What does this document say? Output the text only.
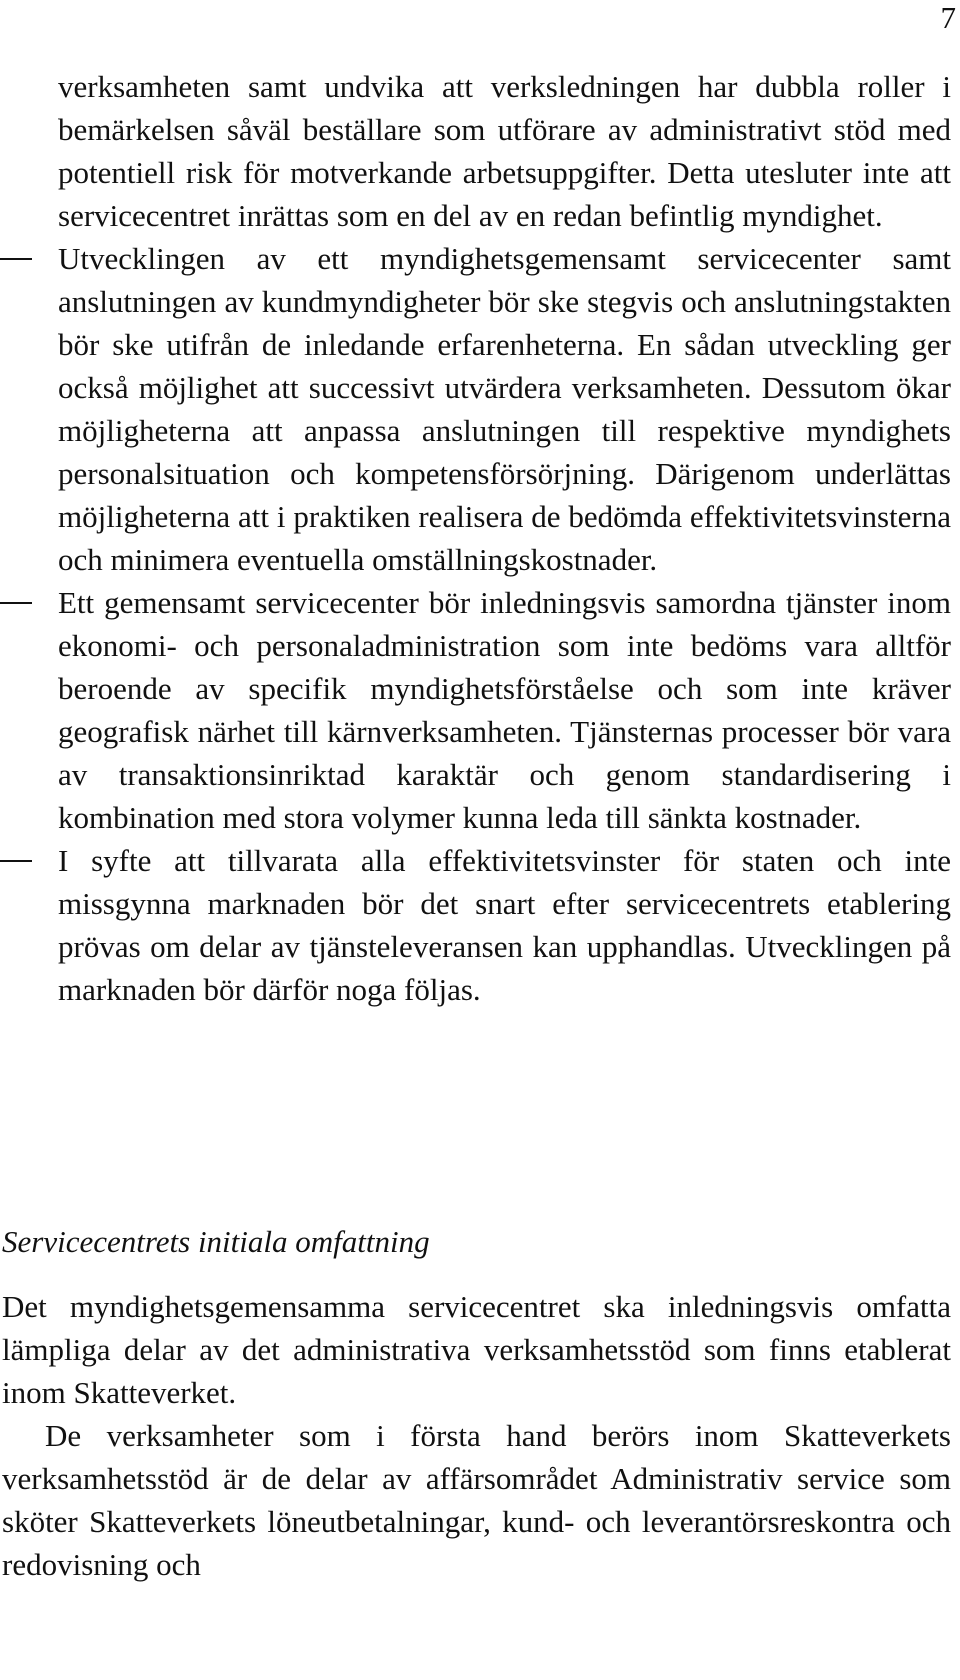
7
verksamheten samt undvika att verksledningen har dubbla roller i bemärkelsen såväl beställare som utförare av administrativt stöd med potentiell risk för motverkande arbetsuppgifter. Detta utesluter inte att servicecentret inrättas som en del av en redan befintlig myndighet.
Utvecklingen av ett myndighetsgemensamt servicecenter samt anslutningen av kundmyndigheter bör ske stegvis och anslutningstakten bör ske utifrån de inledande erfarenheterna. En sådan utveckling ger också möjlighet att successivt utvärdera verksamheten. Dessutom ökar möjligheterna att anpassa anslutningen till respektive myndighets personalsituation och kompetensförsörjning. Därigenom underlättas möjligheterna att i praktiken realisera de bedömda effektivitetsvinsterna och minimera eventuella omställningskostnader.
Ett gemensamt servicecenter bör inledningsvis samordna tjänster inom ekonomi- och personaladministration som inte bedöms vara alltför beroende av specifik myndighetsförståelse och som inte kräver geografisk närhet till kärnverksamheten. Tjänsternas processer bör vara av transaktionsinriktad karaktär och genom standardisering i kombination med stora volymer kunna leda till sänkta kostnader.
I syfte att tillvarata alla effektivitetsvinster för staten och inte missgynna marknaden bör det snart efter servicecentrets etablering prövas om delar av tjänsteleveransen kan upphandlas. Utvecklingen på marknaden bör därför noga följas.
Servicecentrets initiala omfattning

Det myndighetsgemensamma servicecentret ska inledningsvis omfatta lämpliga delar av det administrativa verksamhetsstöd som finns etablerat inom Skatteverket.

De verksamheter som i första hand berörs inom Skatteverkets verksamhetsstöd är de delar av affärsområdet Administrativ service som sköter Skatteverkets löneutbetalningar, kund- och leverantörsreskontra och redovisning och
